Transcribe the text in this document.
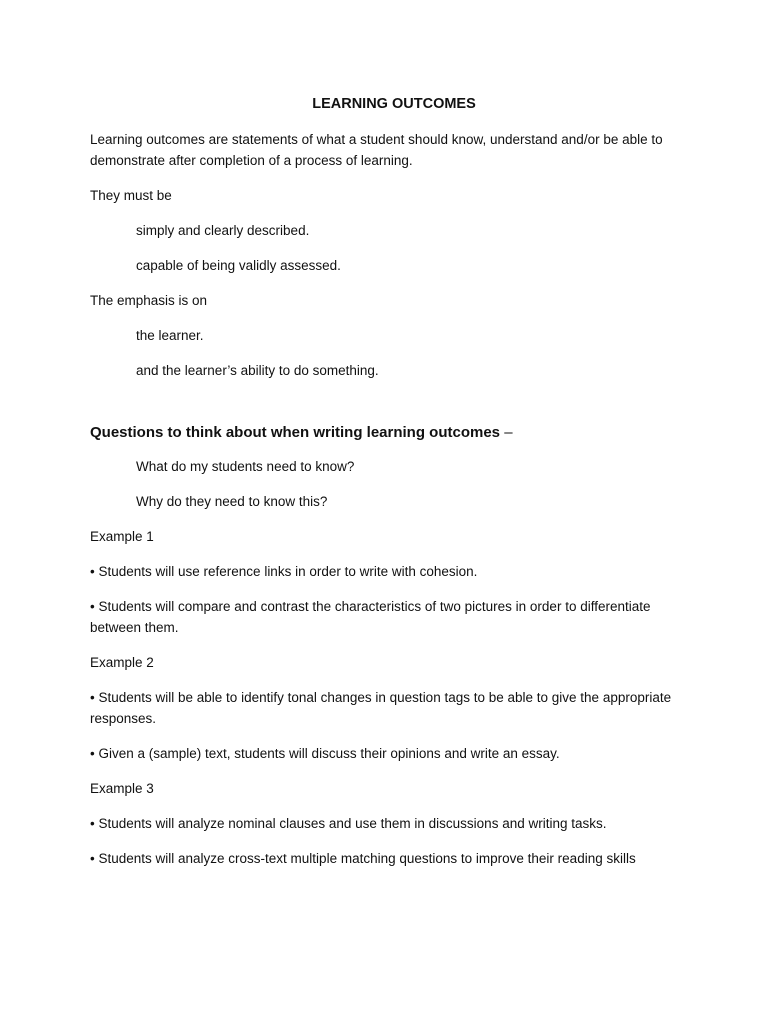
LEARNING OUTCOMES

Learning outcomes are statements of what a student should know, understand and/or be able to demonstrate after completion of a process of learning.

They must be

simply and clearly described.

capable of being validly assessed.

The emphasis is on

the learner.

and the learner’s ability to do something.

Questions to think about when writing learning outcomes –

What do my students need to know?

Why do they need to know this?

Example 1

• Students will use reference links in order to write with cohesion.

• Students will compare and contrast the characteristics of two pictures in order to differentiate between them.

Example 2

• Students will be able to identify tonal changes in question tags to be able to give the appropriate responses.

• Given a (sample) text, students will discuss their opinions and write an essay.

Example 3

• Students will analyze nominal clauses and use them in discussions and writing tasks.

• Students will analyze cross-text multiple matching questions to improve their reading skills
